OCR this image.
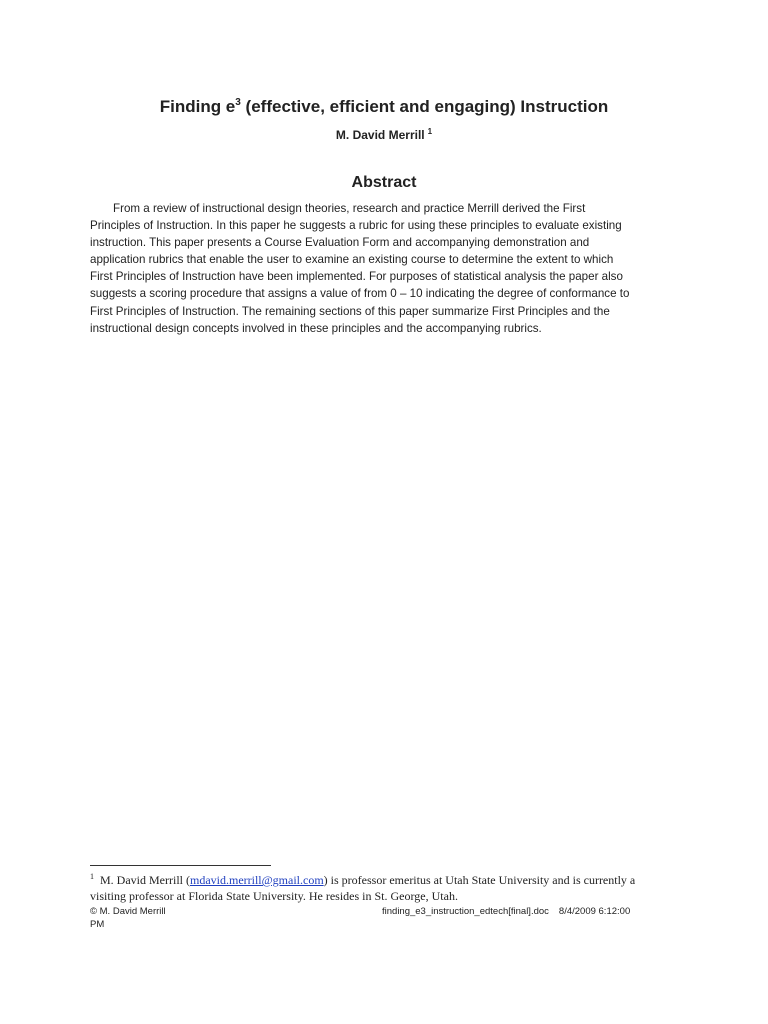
Finding $e^3$ (effective, efficient and engaging) Instruction
M. David Merrill $^1$
Abstract
From a review of instructional design theories, research and practice Merrill derived the First
Principles of Instruction. In this paper he suggests a rubric for using these principles to evaluate existing
instruction. This paper presents a Course Evaluation Form and accompanying demonstration and
application rubrics that enable the user to examine an existing course to determine the extent to which
First Principles of Instruction have been implemented. For purposes of statistical analysis the paper also
suggests a scoring procedure that assigns a value of from 0 – 10 indicating the degree of conformance to
First Principles of Instruction. The remaining sections of this paper summarize First Principles and the
instructional design concepts involved in these principles and the accompanying rubrics.
$^1$ M. David Merrill (mdavid.merrill@gmail.com) is professor emeritus at Utah State University and is currently a
visiting professor at Florida State University. He resides in St. George, Utah.
© M. David Merrill	finding_e3_instruction_edtech[final].doc 8/4/2009 6:12:00
PM
